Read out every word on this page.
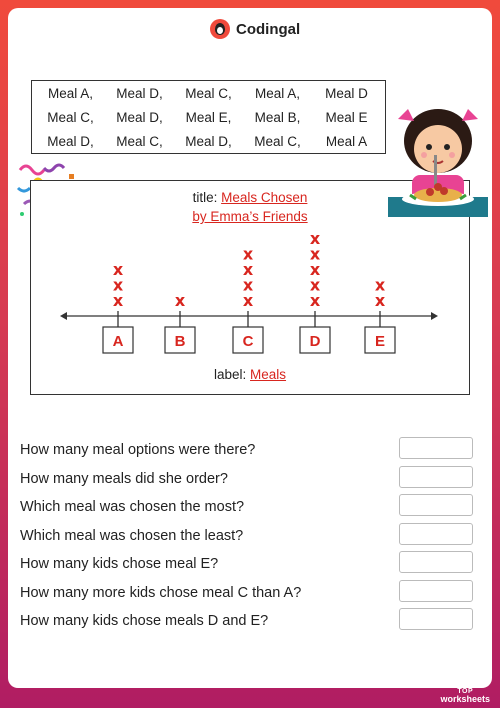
Codingal
Meal A,	Meal D,	Meal C,	Meal A,	Meal D
Meal C,	Meal D,	Meal E,	Meal B,	Meal E
Meal D,	Meal C,	Meal D,	Meal C,	Meal A
title: Meals Chosen
by Emma’s Friends
A
x
x
x
B
x
C
x
x
x
x
D
x
x
x
x
x
E
x
x
label: Meals
How many meal options were there?
How many meals did she order?
Which meal was chosen the most?
Which meal was chosen the least?
How many kids chose meal E?
How many more kids chose meal C than A?
How many kids chose meals D and E?
TOP
worksheets
